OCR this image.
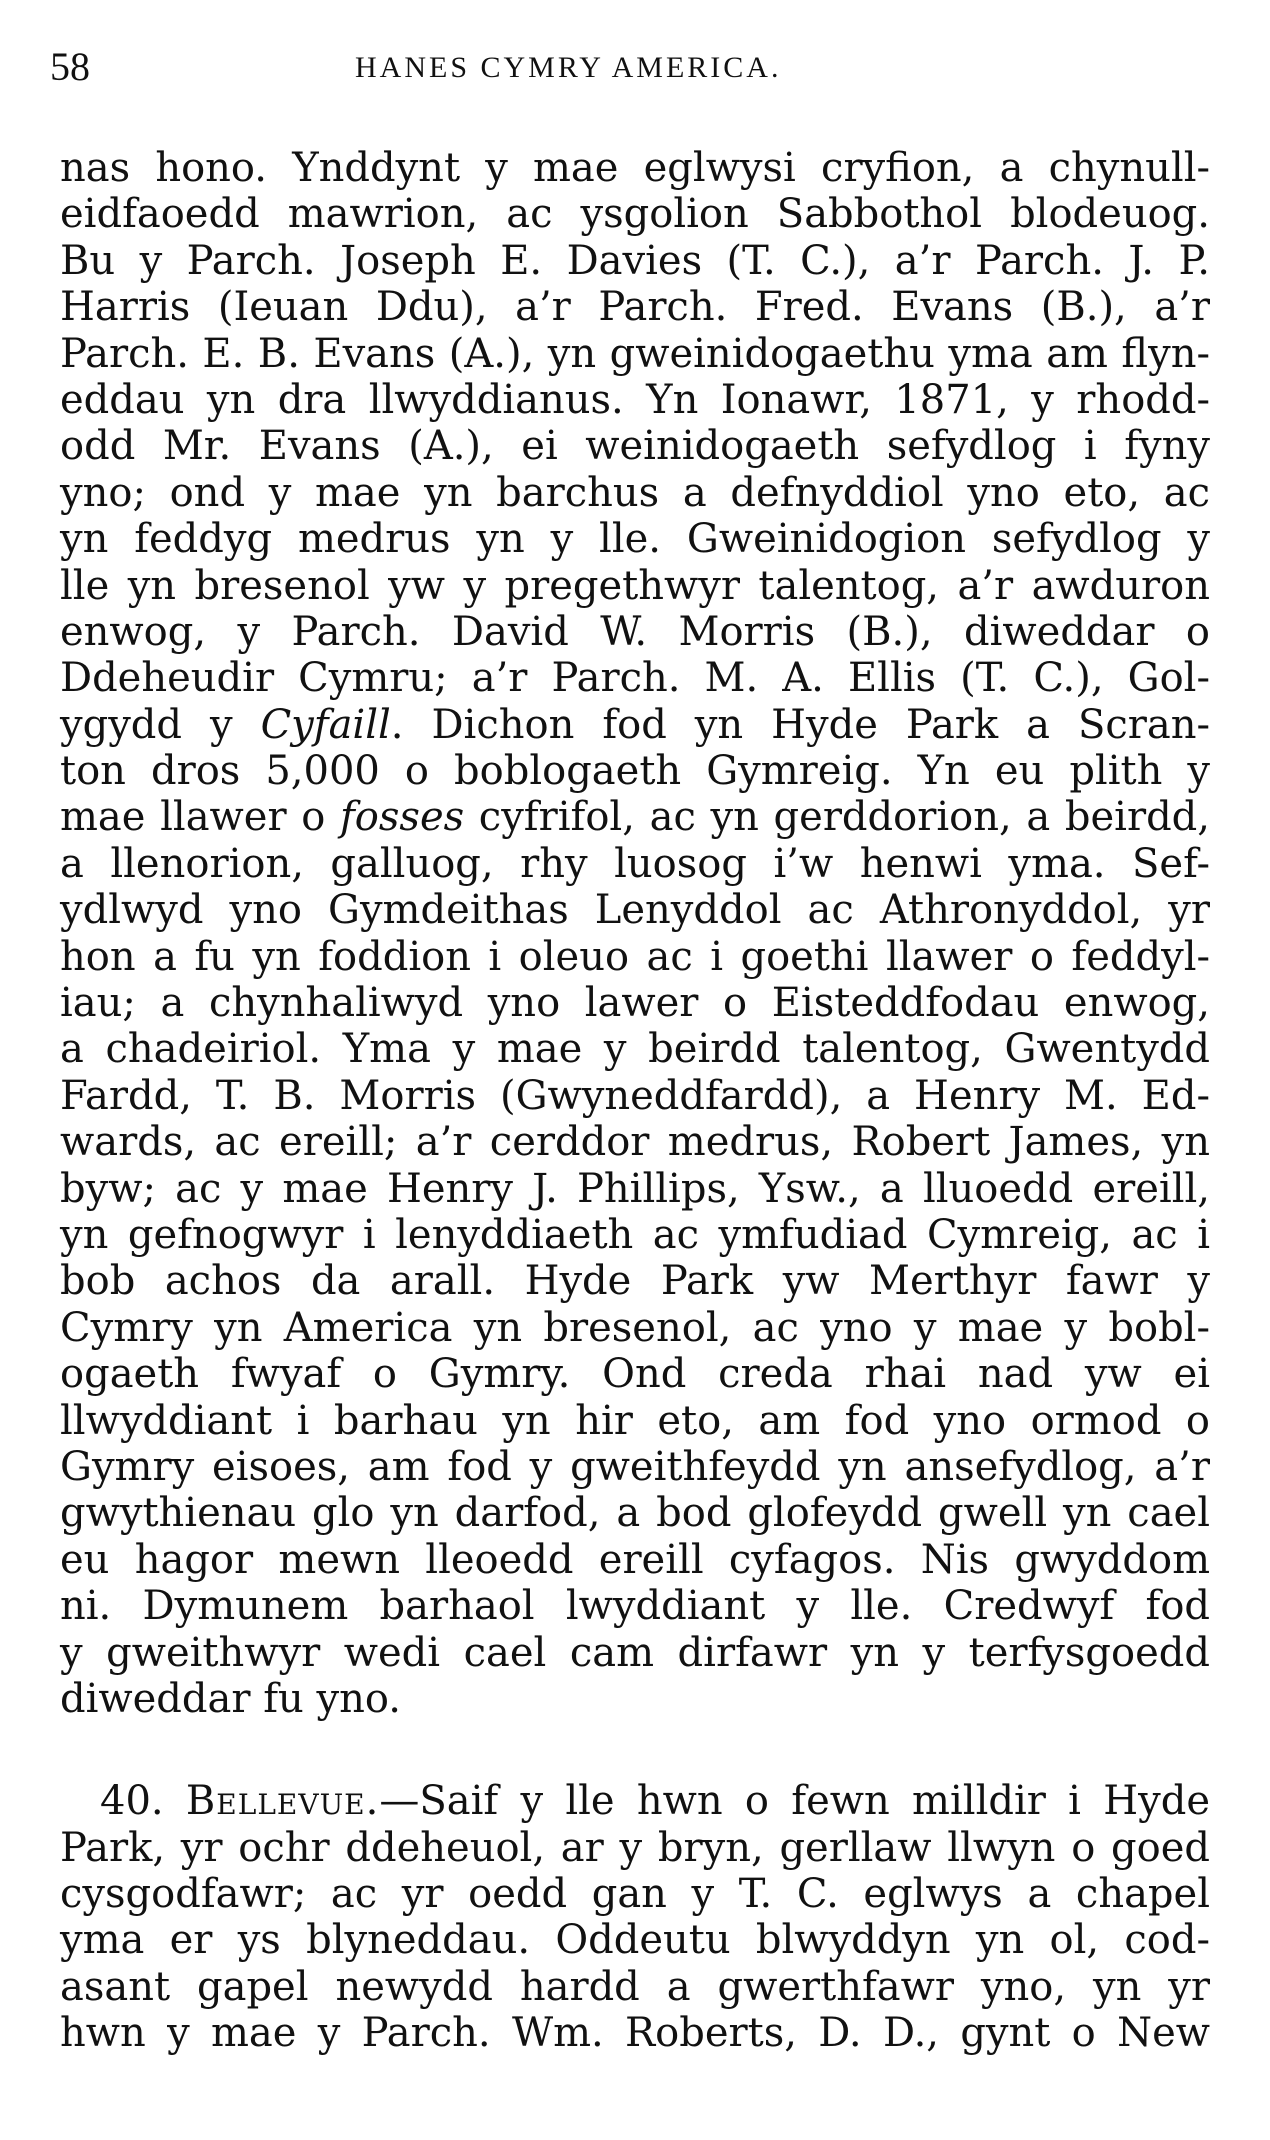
58	HANES CYMRY AMERICA.
nas hono. Ynddynt y mae eglwysi cryfion, a chynull-
eidfaoedd mawrion, ac ysgolion Sabbothol blodeuog.
Bu y Parch. Joseph E. Davies (T. C.), a’r Parch. J. P.
Harris (Ieuan Ddu), a’r Parch. Fred. Evans (B.), a’r
Parch. E. B. Evans (A.), yn gweinidogaethu yma am flyn-
eddau yn dra llwyddianus. Yn Ionawr, 1871, y rhodd-
odd Mr. Evans (A.), ei weinidogaeth sefydlog i fyny
yno; ond y mae yn barchus a defnyddiol yno eto, ac
yn feddyg medrus yn y lle. Gweinidogion sefydlog y
lle yn bresenol yw y pregethwyr talentog, a’r awduron
enwog, y Parch. David W. Morris (B.), diweddar o
Ddeheudir Cymru; a’r Parch. M. A. Ellis (T. C.), Gol-
ygydd y Cyfaill. Dichon fod yn Hyde Park a Scran-
ton dros 5,000 o boblogaeth Gymreig. Yn eu plith y
mae llawer o fosses cyfrifol, ac yn gerddorion, a beirdd,
a llenorion, galluog, rhy luosog i’w henwi yma. Sef-
ydlwyd yno Gymdeithas Lenyddol ac Athronyddol, yr
hon a fu yn foddion i oleuo ac i goethi llawer o feddyl-
iau; a chynhaliwyd yno lawer o Eisteddfodau enwog,
a chadeiriol. Yma y mae y beirdd talentog, Gwentydd
Fardd, T. B. Morris (Gwyneddfardd), a Henry M. Ed-
wards, ac ereill; a’r cerddor medrus, Robert James, yn
byw; ac y mae Henry J. Phillips, Ysw., a lluoedd ereill,
yn gefnogwyr i lenyddiaeth ac ymfudiad Cymreig, ac i
bob achos da arall. Hyde Park yw Merthyr fawr y
Cymry yn America yn bresenol, ac yno y mae y bobl-
ogaeth fwyaf o Gymry. Ond creda rhai nad yw ei
llwyddiant i barhau yn hir eto, am fod yno ormod o
Gymry eisoes, am fod y gweithfeydd yn ansefydlog, a’r
gwythienau glo yn darfod, a bod glofeydd gwell yn cael
eu hagor mewn lleoedd ereill cyfagos. Nis gwyddom
ni. Dymunem barhaol lwyddiant y lle. Credwyf fod
y gweithwyr wedi cael cam dirfawr yn y terfysgoedd
diweddar fu yno.
 40. Bellevue.—Saif y lle hwn o fewn milldir i Hyde
Park, yr ochr ddeheuol, ar y bryn, gerllaw llwyn o goed
cysgodfawr; ac yr oedd gan y T. C. eglwys a chapel
yma er ys blyneddau. Oddeutu blwyddyn yn ol, cod-
asant gapel newydd hardd a gwerthfawr yno, yn yr
hwn y mae y Parch. Wm. Roberts, D. D., gynt o New
